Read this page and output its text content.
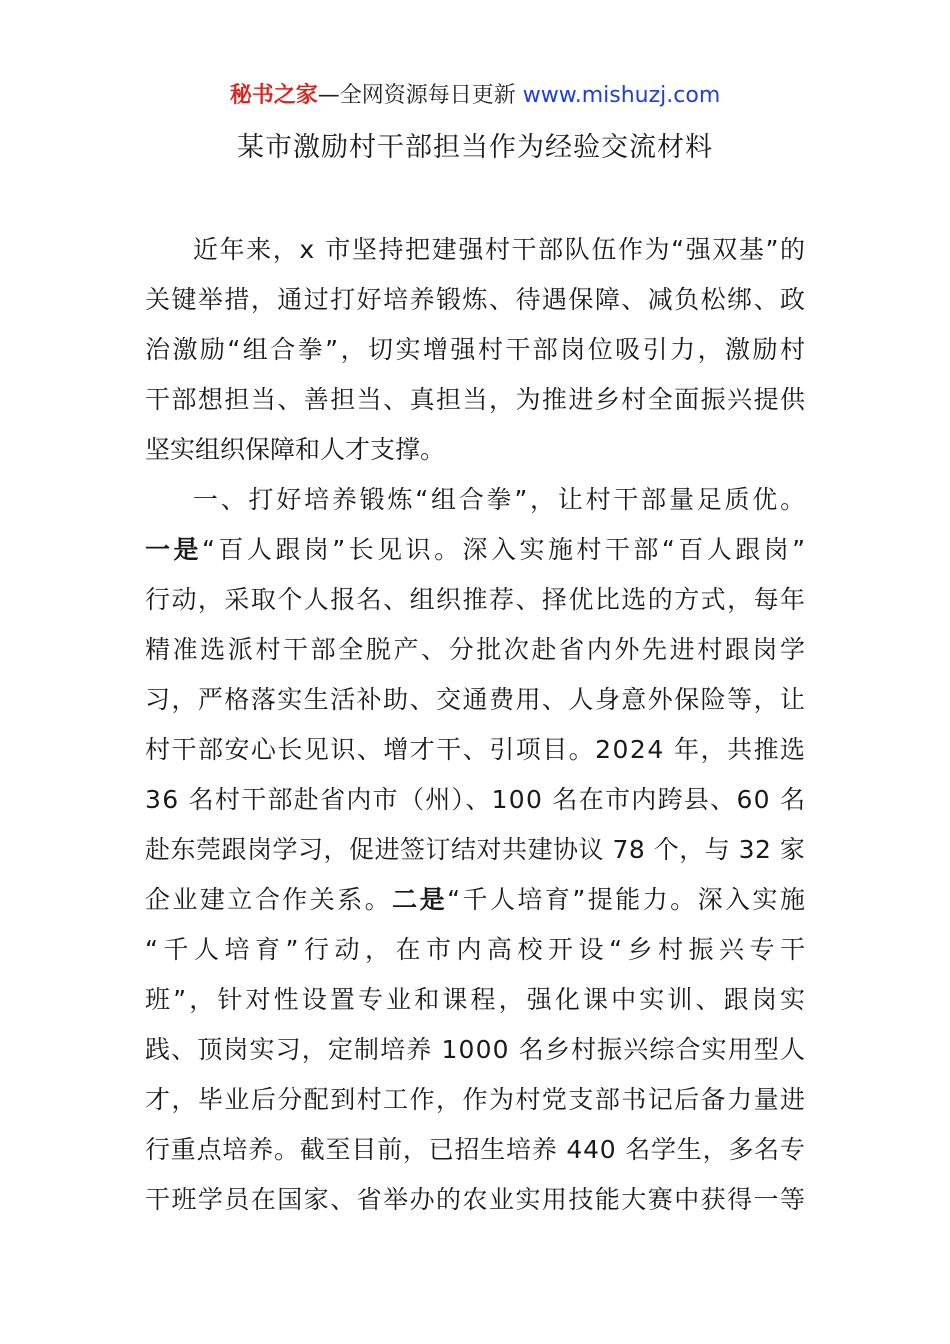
秘书之家—全网资源每日更新 www.mishuzj.com
某市激励村干部担当作为经验交流材料
近年来，x 市坚持把建强村干部队伍作为“强双基”的
关键举措，通过打好培养锻炼、待遇保障、减负松绑、政
治激励“组合拳”，切实增强村干部岗位吸引力，激励村
干部想担当、善担当、真担当，为推进乡村全面振兴提供
坚实组织保障和人才支撑。
一、打好培养锻炼“组合拳”，让村干部量足质优。
一是“百人跟岗”长见识。深入实施村干部“百人跟岗”
行动，采取个人报名、组织推荐、择优比选的方式，每年
精准选派村干部全脱产、分批次赴省内外先进村跟岗学
习，严格落实生活补助、交通费用、人身意外保险等，让
村干部安心长见识、增才干、引项目。2024 年，共推选
36 名村干部赴省内市（州）、100 名在市内跨县、60 名
赴东莞跟岗学习，促进签订结对共建协议 78 个，与 32 家
企业建立合作关系。二是“千人培育”提能力。深入实施
“千人培育”行动，在市内高校开设“乡村振兴专干
班”，针对性设置专业和课程，强化课中实训、跟岗实
践、顶岗实习，定制培养 1000 名乡村振兴综合实用型人
才，毕业后分配到村工作，作为村党支部书记后备力量进
行重点培养。截至目前，已招生培养 440 名学生，多名专
干班学员在国家、省举办的农业实用技能大赛中获得一等
